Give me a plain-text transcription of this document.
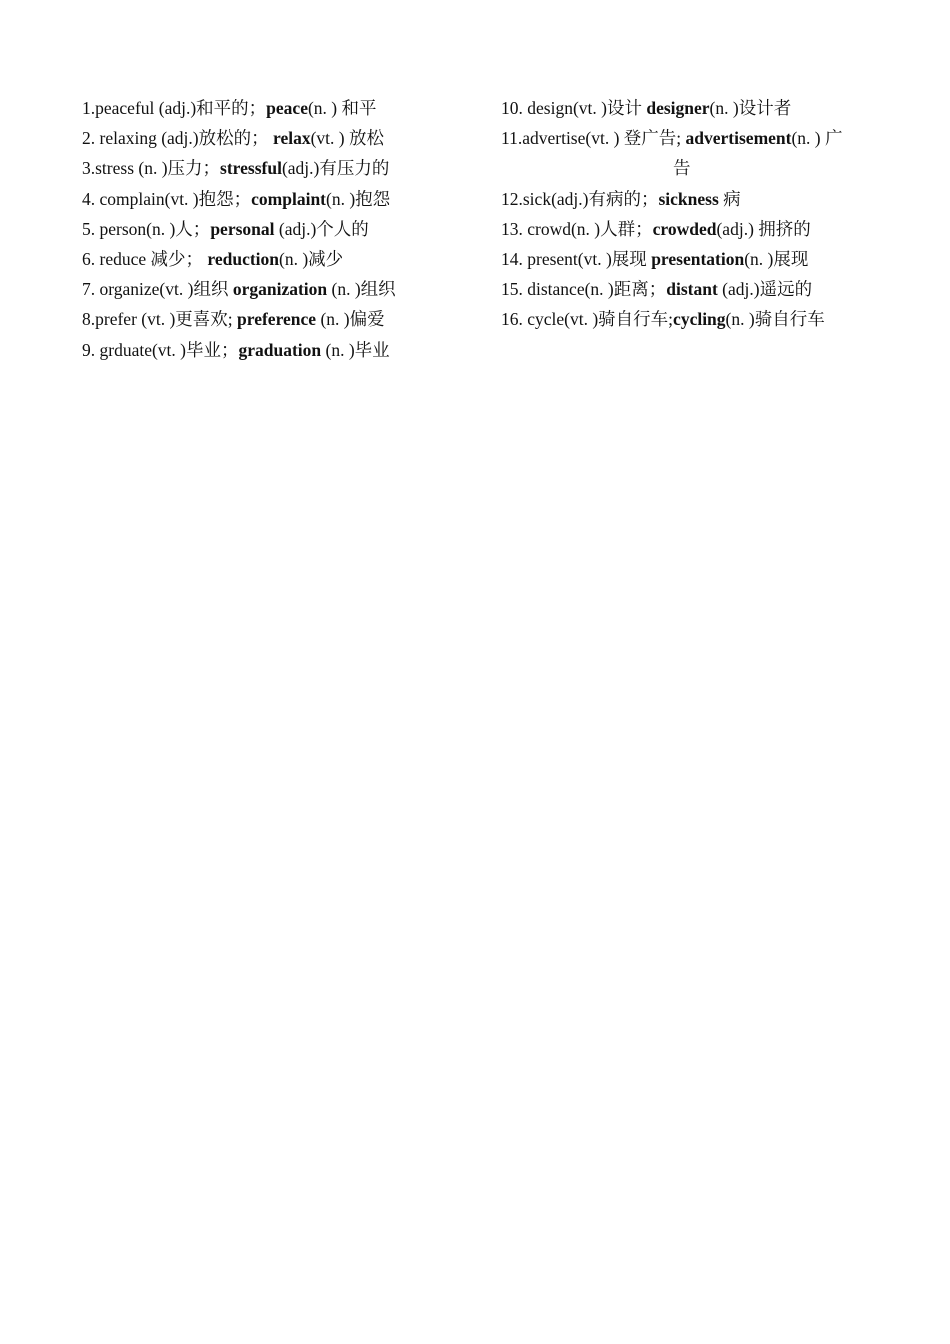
1.peaceful (adj.)和平的；peace(n. ) 和平
2. relaxing (adj.)放松的； relax(vt. ) 放松
3.stress (n. )压力；stressful(adj.)有压力的
4. complain(vt. )抱怨；complaint(n. )抱怨
5. person(n. )人；personal (adj.)个人的
6. reduce 减少； reduction(n. )减少
7. organize(vt. )组织 organization (n. )组织
8.prefer (vt. )更喜欢; preference (n. )偏爱
9. grduate(vt. )毕业；graduation (n. )毕业
10. design(vt. )设计 designer(n. )设计者
11.advertise(vt. ) 登广告; advertisement(n. ) 广
告
12.sick(adj.)有病的；sickness 病
13. crowd(n. )人群；crowded(adj.) 拥挤的
14. present(vt. )展现 presentation(n. )展现
15. distance(n. )距离；distant (adj.)遥远的
16. cycle(vt. )骑自行车;cycling(n. )骑自行车
